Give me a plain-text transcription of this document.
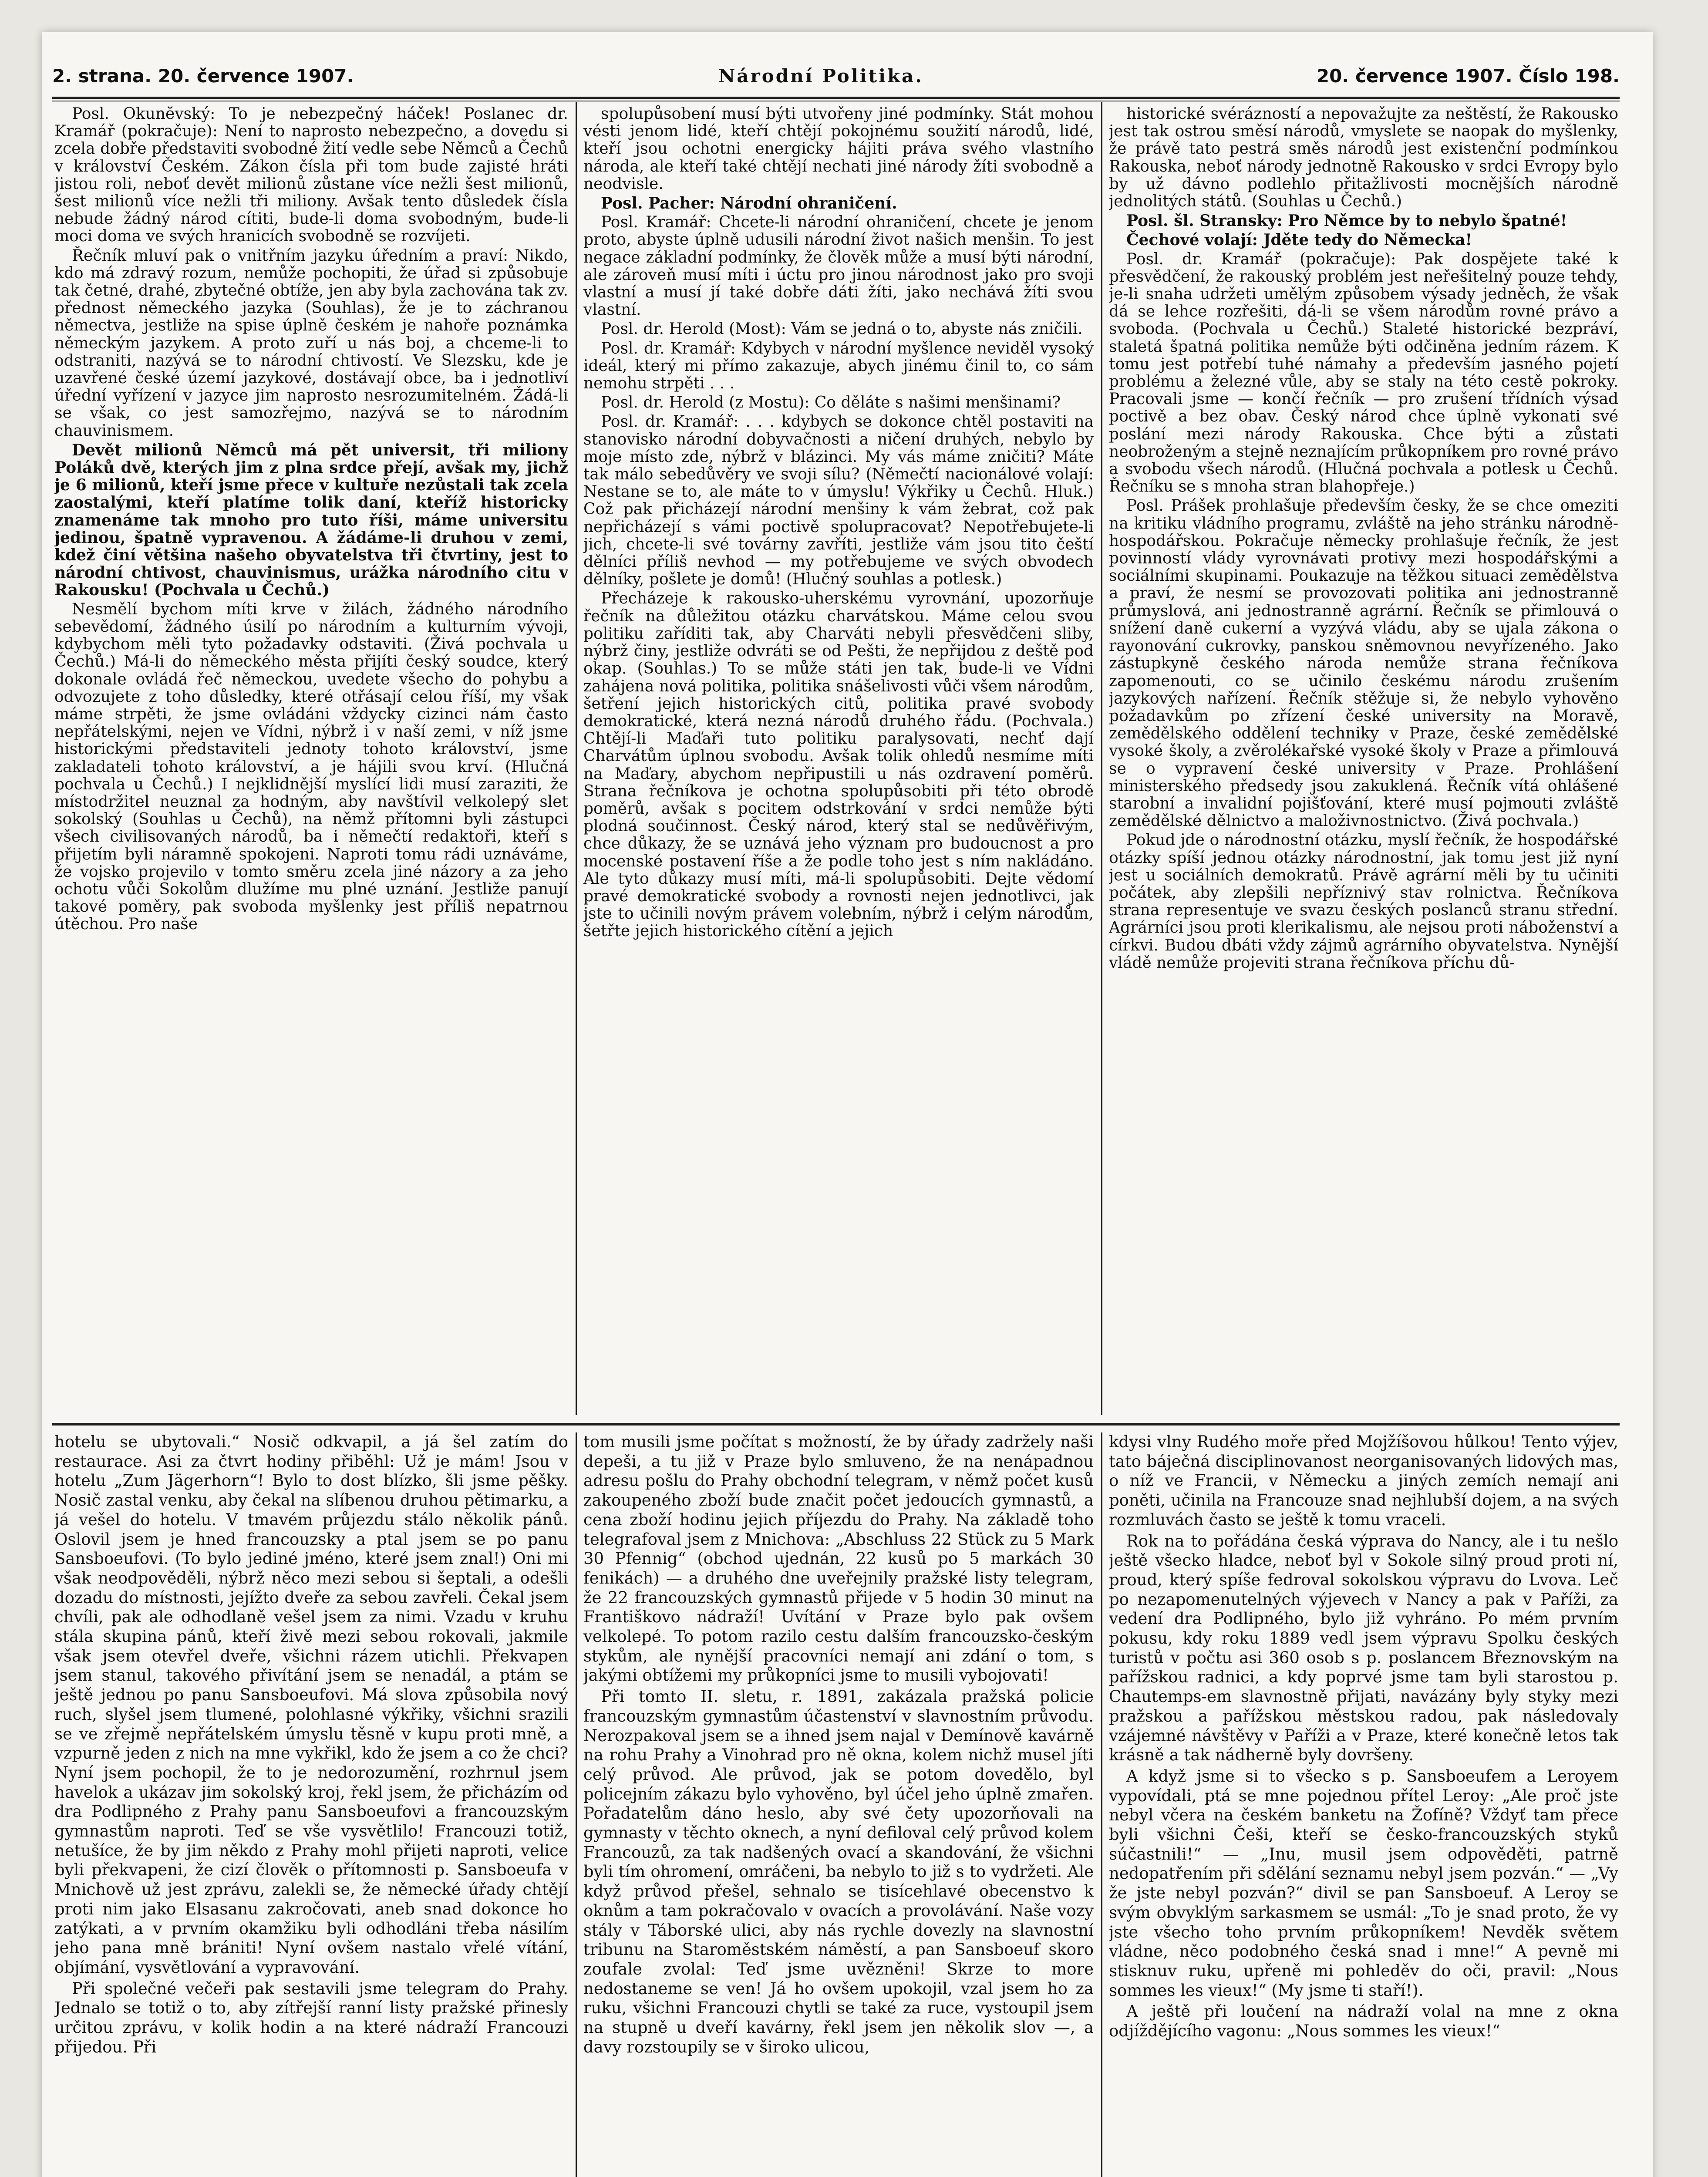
2. strana. 20. července 1907.	Národní Politika.	20. července 1907. Číslo 198.

Posl. Okunĕvský: To je nebezpečný háček! Poslanec dr. Kramář (pokračuje): Není to naprosto nebezpečno, a dovedu si zcela dobře představiti svobodné žití vedle sebe Němců a Čechů v království Českém. Zákon čísla při tom bude zajisté hráti jistou roli, neboť devět milionů zůstane více nežli šest milionů, šest milionů více nežli tři miliony. Avšak tento důsledek čísla nebude žádný národ cítiti, bude-li doma svobodným, bude-li moci doma ve svých hranicích svobodně se rozvíjeti.

Řečník mluví pak o vnitřním jazyku úředním a praví: Nikdo, kdo má zdravý rozum, nemůže pochopiti, že úřad si způsobuje tak četné, drahé, zbytečné obtíže, jen aby byla zachována tak zv. přednost německého jazyka (Souhlas), že je to záchranou němectva, jestliže na spise úplně českém je nahoře poznámka německým jazykem. A proto zuří u nás boj, a chceme-li to odstraniti, nazývá se to národní chtivostí. Ve Slezsku, kde je uzavřené české území jazykové, dostávají obce, ba i jednotliví úřední vyřízení v jazyce jim naprosto nesrozumitelném. Žádá-li se však, co jest samozřejmo, nazývá se to národním chauvinismem.

Devět milionů Němců má pět universit, tři miliony Poláků dvě, kterých jim z plna srdce přejí, avšak my, jichž je 6 milionů, kteří jsme přece v kultuře nezůstali tak zcela zaostalými, kteří platíme tolik daní, kteříž historicky znamenáme tak mnoho pro tuto říši, máme universitu jedinou, špatně vypravenou. A žádáme-li druhou v zemi, kdež činí většina našeho obyvatelstva tři čtvrtiny, jest to národní chtivost, chauvinismus, urážka národního citu v Rakousku! (Pochvala u Čechů.)

Nesmělí bychom míti krve v žilách, žádného národního sebevědomí, žádného úsilí po národním a kulturním vývoji, kdybychom měli tyto požadavky odstaviti. (Živá pochvala u Čechů.) Má-li do německého města přijíti český soudce, který dokonale ovládá řeč německou, uvedete všecho do pohybu a odvozujete z toho důsledky, které otřásají celou říší, my však máme strpěti, že jsme ovládáni vždycky cizinci nám často nepřátelskými, nejen ve Vídni, nýbrž i v naší zemi, v níž jsme historickými představiteli jednoty tohoto království, jsme zakladateli tohoto království, a je hájili svou krví. (Hlučná pochvala u Čechů.) I nejklidnější myslící lidi musí zaraziti, že místodržitel neuznal za hodným, aby navštívil velkolepý slet sokolský (Souhlas u Čechů), na němž přítomni byli zástupci všech civilisovaných národů, ba i němečtí redaktoři, kteří s přijetím byli náramně spokojeni. Naproti tomu rádi uznáváme, že vojsko projevilo v tomto směru zcela jiné názory a za jeho ochotu vůči Sokolům dlužíme mu plné uznání. Jestliže panují takové poměry, pak svoboda myšlenky jest příliš nepatrnou útěchou. Pro naše

spolupůsobení musí býti utvořeny jiné podmínky. Stát mohou vésti jenom lidé, kteří chtějí pokojnému soužití národů, lidé, kteří jsou ochotni energicky hájiti práva svého vlastního národa, ale kteří také chtějí nechati jiné národy žíti svobodně a neodvisle.

Posl. Pacher: Národní ohraničení.

Posl. Kramář: Chcete-li národní ohraničení, chcete je jenom proto, abyste úplně udusili národní život našich menšin. To jest negace základní podmínky, že člověk může a musí býti národní, ale zároveň musí míti i úctu pro jinou národnost jako pro svoji vlastní a musí jí také dobře dáti žíti, jako nechává žíti svou vlastní.

Posl. dr. Herold (Most): Vám se jedná o to, abyste nás zničili.

Posl. dr. Kramář: Kdybych v národní myšlence neviděl vysoký ideál, který mi přímo zakazuje, abych jinému činil to, co sám nemohu strpěti . . .

Posl. dr. Herold (z Mostu): Co děláte s našimi menšinami?

Posl. dr. Kramář: . . . kdybych se dokonce chtěl postaviti na stanovisko národní dobyvačnosti a ničení druhých, nebylo by moje místo zde, nýbrž v blázinci. My vás máme zničiti? Máte tak málo sebedůvěry ve svoji sílu? (Němečtí nacionálové volají: Nestane se to, ale máte to v úmyslu! Výkřiky u Čechů. Hluk.) Což pak přicházejí národní menšiny k vám žebrat, což pak nepřicházejí s vámi poctivě spolupracovat? Nepotřebujete-li jich, chcete-li své továrny zavříti, jestliže vám jsou tito čeští dělníci příliš nevhod — my potřebujeme ve svých obvodech dělníky, pošlete je domů! (Hlučný souhlas a potlesk.)

Přecházeje k rakousko-uherskému vyrovnání, upozorňuje řečník na důležitou otázku charvátskou. Máme celou svou politiku zaříditi tak, aby Charváti nebyli přesvědčeni sliby, nýbrž činy, jestliže odvráti se od Pešti, že nepřijdou z deště pod okap. (Souhlas.) To se může státi jen tak, bude-li ve Vídni zahájena nová politika, politika snášelivosti vůči všem národům, šetření jejich historických citů, politika pravé svobody demokratické, která nezná národů druhého řádu. (Pochvala.) Chtějí-li Maďaři tuto politiku paralysovati, nechť dají Charvátům úplnou svobodu. Avšak tolik ohledů nesmíme míti na Maďary, abychom nepřipustili u nás ozdravení poměrů. Strana řečníkova je ochotna spolupůsobiti při této obrodě poměrů, avšak s pocitem odstrkování v srdci nemůže býti plodná součinnost. Český národ, který stal se nedůvěřivým, chce důkazy, že se uznává jeho význam pro budoucnost a pro mocenské postavení říše a že podle toho jest s ním nakládáno. Ale tyto důkazy musí míti, má-li spolupůsobiti. Dejte vědomí pravé demokratické svobody a rovnosti nejen jednotlivci, jak jste to učinili novým právem volebním, nýbrž i celým národům, šetřte jejich historického cítění a jejich

historické svérázností a nepovažujte za neštěstí, že Rakousko jest tak ostrou směsí národů, vmyslete se naopak do myšlenky, že právě tato pestrá směs národů jest existenční podmínkou Rakouska, neboť národy jednotně Rakousko v srdci Evropy bylo by už dávno podlehlo přitažlivosti mocnějších národně jednolitých států. (Souhlas u Čechů.)

Posl. šl. Stransky: Pro Němce by to nebylo špatné!

Čechové volají: Jděte tedy do Německa!

Posl. dr. Kramář (pokračuje): Pak dospějete také k přesvědčení, že rakouský problém jest neřešitelný pouze tehdy, je-li snaha udržeti umělým způsobem výsady jedněch, že však dá se lehce rozřešiti, dá-li se všem národům rovné právo a svoboda. (Pochvala u Čechů.) Staleté historické bezpráví, staletá špatná politika nemůže býti odčiněna jedním rázem. K tomu jest potřebí tuhé námahy a především jasného pojetí problému a železné vůle, aby se staly na této cestě pokroky. Pracovali jsme — končí řečník — pro zrušení třídních výsad poctivě a bez obav. Český národ chce úplně vykonati své poslání mezi národy Rakouska. Chce býti a zůstati neobroženým a stejně neznajícím průkopníkem pro rovné právo a svobodu všech národů. (Hlučná pochvala a potlesk u Čechů. Řečníku se s mnoha stran blahopřeje.)

Posl. Prášek prohlašuje především česky, že se chce omeziti na kritiku vládního programu, zvláště na jeho stránku národně-hospodářskou. Pokračuje německy prohlašuje řečník, že jest povinností vlády vyrovnávati protivy mezi hospodářskými a sociálními skupinami. Poukazuje na těžkou situaci zemědělstva a praví, že nesmí se provozovati politika ani jednostranně průmyslová, ani jednostranně agrární. Řečník se přimlouvá o snížení daně cukerní a vyzývá vládu, aby se ujala zákona o rayonování cukrovky, panskou sněmovnou nevyřízeného. Jako zástupkyně českého národa nemůže strana řečníkova zapomenouti, co se učinilo českému národu zrušením jazykových nařízení. Řečník stěžuje si, že nebylo vyhověno požadavkům po zřízení české university na Moravě, zemědělského oddělení techniky v Praze, české zemědělské vysoké školy, a zvěrolékařské vysoké školy v Praze a přimlouvá se o vypravení české university v Praze. Prohlášení ministerského předsedy jsou zakuklená. Řečník vítá ohlášené starobní a invalidní pojišťování, které musí pojmouti zvláště zemědělské dělnictvo a maloživnostnictvo. (Živá pochvala.)

Pokud jde o národnostní otázku, myslí řečník, že hospodářské otázky spíší jednou otázky národnostní, jak tomu jest již nyní jest u sociálních demokratů. Právě agrární měli by tu učiniti počátek, aby zlepšili nepříznivý stav rolnictva. Řečníkova strana representuje ve svazu českých poslanců stranu střední. Agrárníci jsou proti klerikalismu, ale nejsou proti náboženství a církvi. Budou dbáti vždy zájmů agrárního obyvatelstva. Nynější vládě nemůže projeviti strana řečníkova příchu dů-

hotelu se ubytovali.“ Nosič odkvapil, a já šel zatím do restaurace. Asi za čtvrt hodiny přiběhl: Už je mám! Jsou v hotelu „Zum Jägerhorn“! Bylo to dost blízko, šli jsme pěšky. Nosič zastal venku, aby čekal na slíbenou druhou pětimarku, a já vešel do hotelu. V tmavém průjezdu stálo několik pánů. Oslovil jsem je hned francouzsky a ptal jsem se po panu Sansboeufovi. (To bylo jediné jméno, které jsem znal!) Oni mi však neodpověděli, nýbrž něco mezi sebou si šeptali, a odešli dozadu do místnosti, jejížto dveře za sebou zavřeli. Čekal jsem chvíli, pak ale odhodlaně vešel jsem za nimi. Vzadu v kruhu stála skupina pánů, kteří živě mezi sebou rokovali, jakmile však jsem otevřel dveře, všichni rázem utichli. Překvapen jsem stanul, takového přivítání jsem se nenadál, a ptám se ještě jednou po panu Sansboeufovi. Má slova způsobila nový ruch, slyšel jsem tlumené, polohlasné výkřiky, všichni srazili se ve zřejmě nepřátelském úmyslu těsně v kupu proti mně, a vzpurně jeden z nich na mne vykřikl, kdo že jsem a co že chci? Nyní jsem pochopil, že to je nedorozumění, rozhrnul jsem havelok a ukázav jim sokolský kroj, řekl jsem, že přicházím od dra Podlipného z Prahy panu Sansboeufovi a francouzským gymnastům naproti. Teď se vše vysvětlilo! Francouzi totiž, netušíce, že by jim někdo z Prahy mohl přijeti naproti, velice byli překvapeni, že cizí člověk o přítomnosti p. Sansboeufa v Mnichově už jest zprávu, zalekli se, že německé úřady chtějí proti nim jako Elsasanu zakročovati, aneb snad dokonce ho zatýkati, a v prvním okamžiku byli odhodláni třeba násilím jeho pana mně brániti! Nyní ovšem nastalo vřelé vítání, objímání, vysvětlování a vypravování.

Při společné večeři pak sestavili jsme telegram do Prahy. Jednalo se totiž o to, aby zítřejší ranní listy pražské přinesly určitou zprávu, v kolik hodin a na které nádraží Francouzi přijedou. Při

tom musili jsme počítat s možností, že by úřady zadržely naši depeši, a tu již v Praze bylo smluveno, že na nenápadnou adresu pošlu do Prahy obchodní telegram, v němž počet kusů zakoupeného zboží bude značit počet jedoucích gymnastů, a cena zboží hodinu jejich příjezdu do Prahy. Na základě toho telegrafoval jsem z Mnichova: „Abschluss 22 Stück zu 5 Mark 30 Pfennig“ (obchod ujednán, 22 kusů po 5 markách 30 fenikách) — a druhého dne uveřejnily pražské listy telegram, že 22 francouzských gymnastů přijede v 5 hodin 30 minut na Františkovo nádraží! Uvítání v Praze bylo pak ovšem velkolepé. To potom razilo cestu dalším francouzsko-českým stykům, ale nynější pracovníci nemají ani zdání o tom, s jakými obtížemi my průkopníci jsme to musili vybojovati!

Při tomto II. sletu, r. 1891, zakázala pražská policie francouzským gymnastům účastenství v slavnostním průvodu. Nerozpakoval jsem se a ihned jsem najal v Demínově kavárně na rohu Prahy a Vinohrad pro ně okna, kolem nichž musel jíti celý průvod. Ale průvod, jak se potom dovedělo, byl policejním zákazu bylo vyhověno, byl účel jeho úplně zmařen. Pořadatelům dáno heslo, aby své čety upozorňovali na gymnasty v těchto oknech, a nyní defiloval celý průvod kolem Francouzů, za tak nadšených ovací a skandování, že všichni byli tím ohromení, omráčeni, ba nebylo to již s to vydržeti. Ale když průvod přešel, sehnalo se tisícehlavé obecenstvo k oknům a tam pokračovalo v ovacích a provolávání. Naše vozy stály v Táborské ulici, aby nás rychle dovezly na slavnostní tribunu na Staroměstském náměstí, a pan Sansboeuf skoro zoufale zvolal: Teď jsme uvězněni! Skrze to more nedostaneme se ven! Já ho ovšem upokojil, vzal jsem ho za ruku, všichni Francouzi chytli se také za ruce, vystoupil jsem na stupně u dveří kavárny, řekl jsem jen několik slov —, a davy rozstoupily se v široko ulicou,

kdysi vlny Rudého moře před Mojžíšovou hůlkou! Tento výjev, tato báječná disciplinovanost neorganisovaných lidových mas, o níž ve Francii, v Německu a jiných zemích nemají ani poněti, učinila na Francouze snad nejhlubší dojem, a na svých rozmluvách často se ještě k tomu vraceli.

Rok na to pořádána česká výprava do Nancy, ale i tu nešlo ještě všecko hladce, neboť byl v Sokole silný proud proti ní, proud, který spíše fedroval sokolskou výpravu do Lvova. Leč po nezapomenutelných výjevech v Nancy a pak v Paříži, za vedení dra Podlipného, bylo již vyhráno. Po mém prvním pokusu, kdy roku 1889 vedl jsem výpravu Spolku českých turistů v počtu asi 360 osob s p. poslancem Březnovským na pařížskou radnici, a kdy poprvé jsme tam byli starostou p. Chautemps-em slavnostně přijati, navázány byly styky mezi pražskou a pařížskou městskou radou, pak následovaly vzájemné návštěvy v Paříži a v Praze, které konečně letos tak krásně a tak nádherně byly dovršeny.

A když jsme si to všecko s p. Sansboeufem a Leroyem vypovídali, ptá se mne pojednou přítel Leroy: „Ale proč jste nebyl včera na českém banketu na Žofíně? Vždyť tam přece byli všichni Češi, kteří se česko-francouzských styků súčastnili!“ — „Inu, musil jsem odpověděti, patrně nedopatřením při sdělání seznamu nebyl jsem pozván.“ — „Vy že jste nebyl pozván?“ divil se pan Sansboeuf. A Leroy se svým obvyklým sarkasmem se usmál: „To je snad proto, že vy jste všecho toho prvním průkopníkem! Nevděk světem vládne, něco podobného česká snad i mne!“ A pevně mi stisknuv ruku, upřeně mi pohleděv do oči, pravil: „Nous sommes les vieux!“ (My jsme ti staří!).

A ještě při loučení na nádraží volal na mne z okna odjíždějícího vagonu: „Nous sommes les vieux!“
